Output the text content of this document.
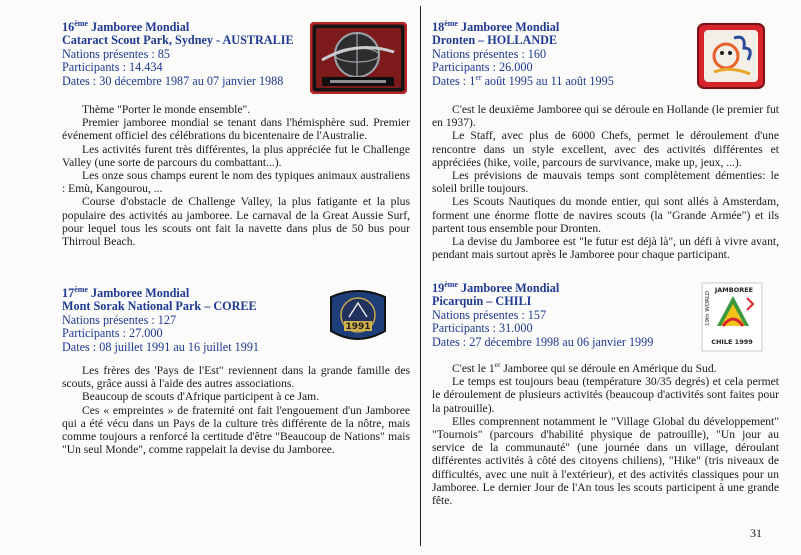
16ème Jamboree Mondial
Cataract Scout Park, Sydney - AUSTRALIE
Nations présentes : 85
Participants : 14.434
Dates : 30 décembre 1987 au 07 janvier 1988

Thème "Porter le monde ensemble".

Premier jamboree mondial se tenant dans l'hémisphère sud. Premier événement officiel des célébrations du bicentenaire de l'Australie.

Les activités furent très différentes, la plus appréciée fut le Challenge Valley (une sorte de parcours du combattant...).

Les onze sous champs eurent le nom des typiques animaux australiens : Emù, Kangourou, ...

Course d'obstacle de Challenge Valley, la plus fatigante et la plus populaire des activités au jamboree. Le carnaval de la Great Aussie Surf, pour lequel tous les scouts ont fait la navette dans plus de 50 bus pour Thirroul Beach.

17ème Jamboree Mondial
Mont Sorak National Park – COREE
Nations présentes : 127
Participants : 27.000
Dates : 08 juillet 1991 au 16 juillet 1991
1991

Les frères des 'Pays de l'Est" reviennent dans la grande famille des scouts, grâce aussi à l'aide des autres associations.

Beaucoup de scouts d'Afrique participent à ce Jam.

Ces « empreintes » de fraternité ont fait l'engouement d'un Jamboree qui a été vécu dans un Pays de la culture très différente de la nôtre, mais comme toujours a renforcé la certitude d'être "Beaucoup de Nations" mais "Un seul Monde", comme rappelait la devise du Jamboree.

18ème Jamboree Mondial
Dronten – HOLLANDE
Nations présentes : 160
Participants : 26.000
Dates : 1er août 1995 au 11 août 1995

C'est le deuxième Jamboree qui se déroule en Hollande (le premier fut en 1937).

Le Staff, avec plus de 6000 Chefs, permet le déroulement d'une rencontre dans un style excellent, avec des activités différentes et appréciées (hike, voile, parcours de survivance, make up, jeux, ...).

Les prévisions de mauvais temps sont complètement démenties: le soleil brille toujours.

Les Scouts Nautiques du monde entier, qui sont allés à Amsterdam, forment une énorme flotte de navires scouts (la "Grande Armée") et ils partent tous ensemble pour Dronten.

La devise du Jamboree est "le futur est déjà là", un défi à vivre avant, pendant mais surtout après le Jamboree pour chaque participant.

19ème Jamboree Mondial
Picarquin – CHILI
Nations présentes : 157
Participants : 31.000
Dates : 27 décembre 1998 au 06 janvier 1999
JAMBOREE
19th WORLD
CHILE 1999

C'est le 1er Jamboree qui se déroule en Amérique du Sud.

Le temps est toujours beau (température 30/35 degrés) et cela permet le déroulement de plusieurs activités (beaucoup d'activités sont faites pour la patrouille).

Elles comprennent notamment le "Village Global du développement" "Tournois" (parcours d'habilité physique de patrouille), "Un jour au service de la communauté" (une journée dans un village, déroulant différentes activités à côté des citoyens chiliens), "Hike" (tris niveaux de difficultés, avec une nuit à l'extérieur), et des activités classiques pour un Jamboree. Le dernier Jour de l'An tous les scouts participent à une grande fête.

31
